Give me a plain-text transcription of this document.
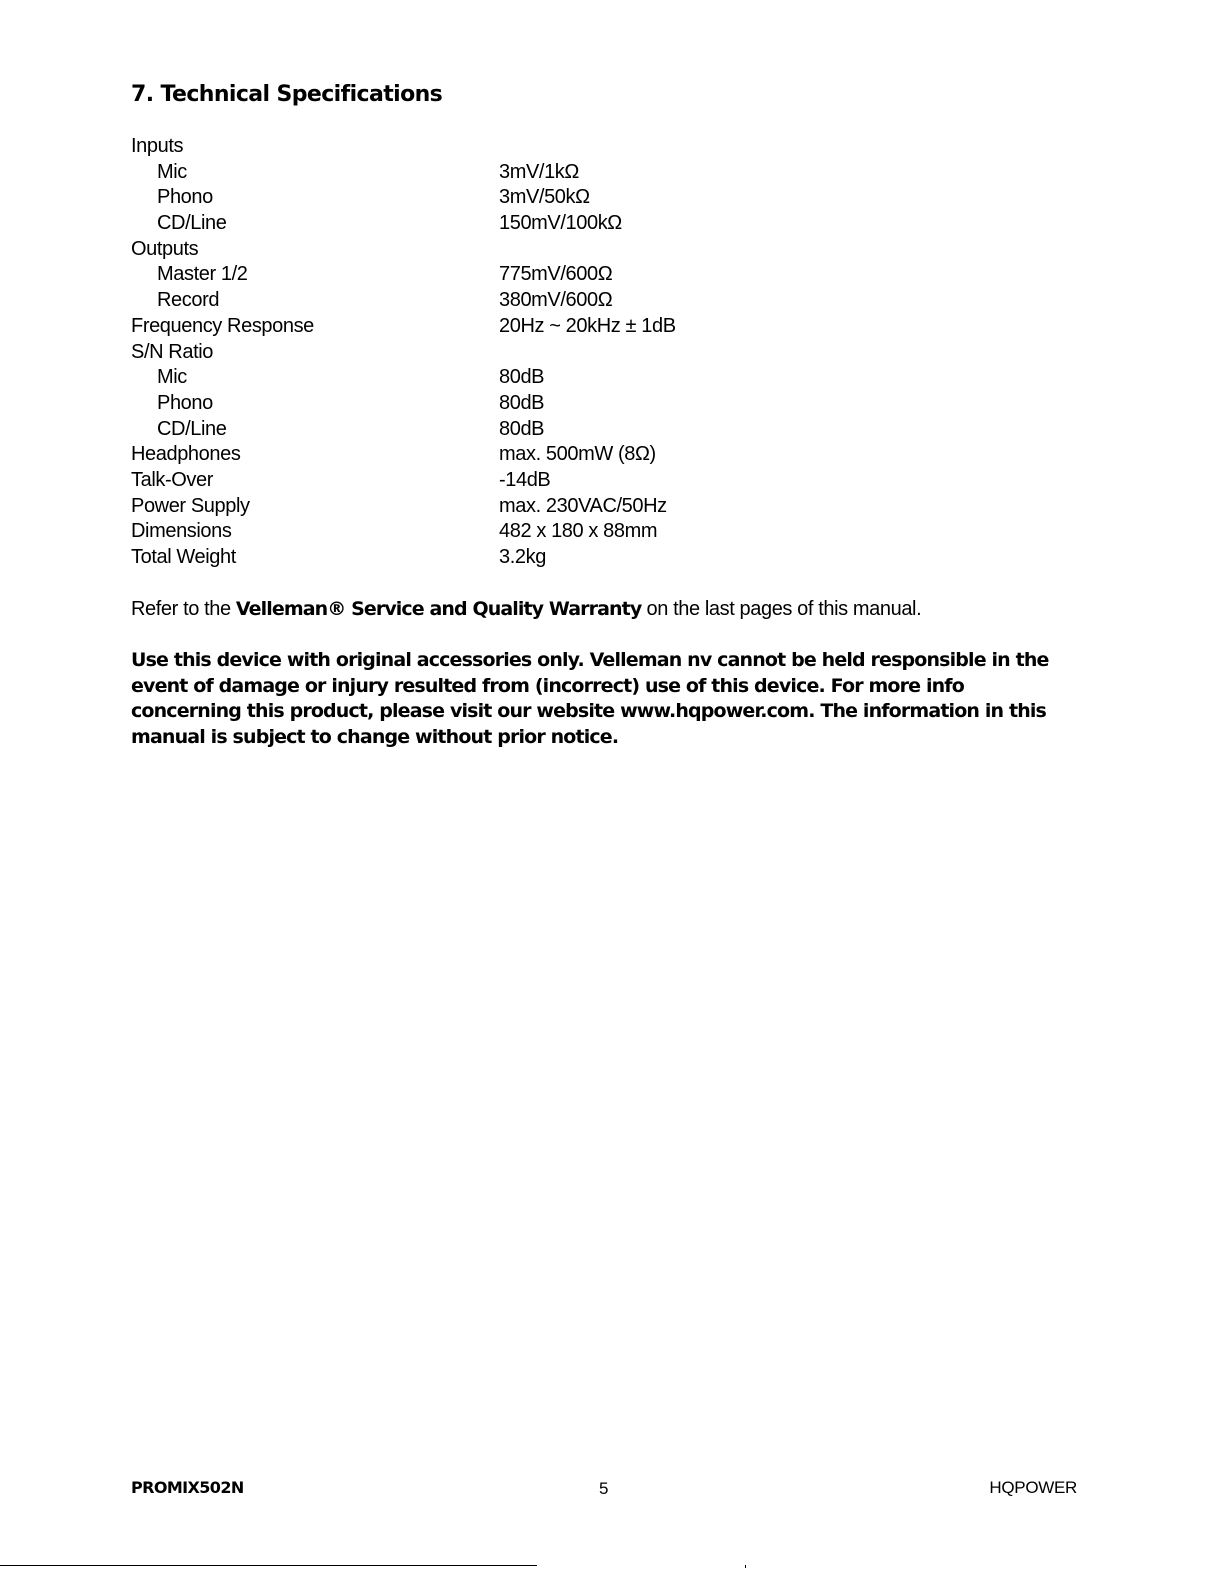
7. Technical Specifications
Inputs
Mic	3mV/1kΩ
Phono	3mV/50kΩ
CD/Line	150mV/100kΩ
Outputs
Master 1/2	775mV/600Ω
Record	380mV/600Ω
Frequency Response	20Hz ~ 20kHz ± 1dB
S/N Ratio
Mic	80dB
Phono	80dB
CD/Line	80dB
Headphones	max. 500mW (8Ω)
Talk-Over	-14dB
Power Supply	max. 230VAC/50Hz
Dimensions	482 x 180 x 88mm
Total Weight	3.2kg

Refer to the Velleman® Service and Quality Warranty on the last pages of this manual.

Use this device with original accessories only. Velleman nv cannot be held responsible in the event of damage or injury resulted from (incorrect) use of this device. For more info concerning this product, please visit our website www.hqpower.com. The information in this manual is subject to change without prior notice.

PROMIX502N	5	HQPOWER
